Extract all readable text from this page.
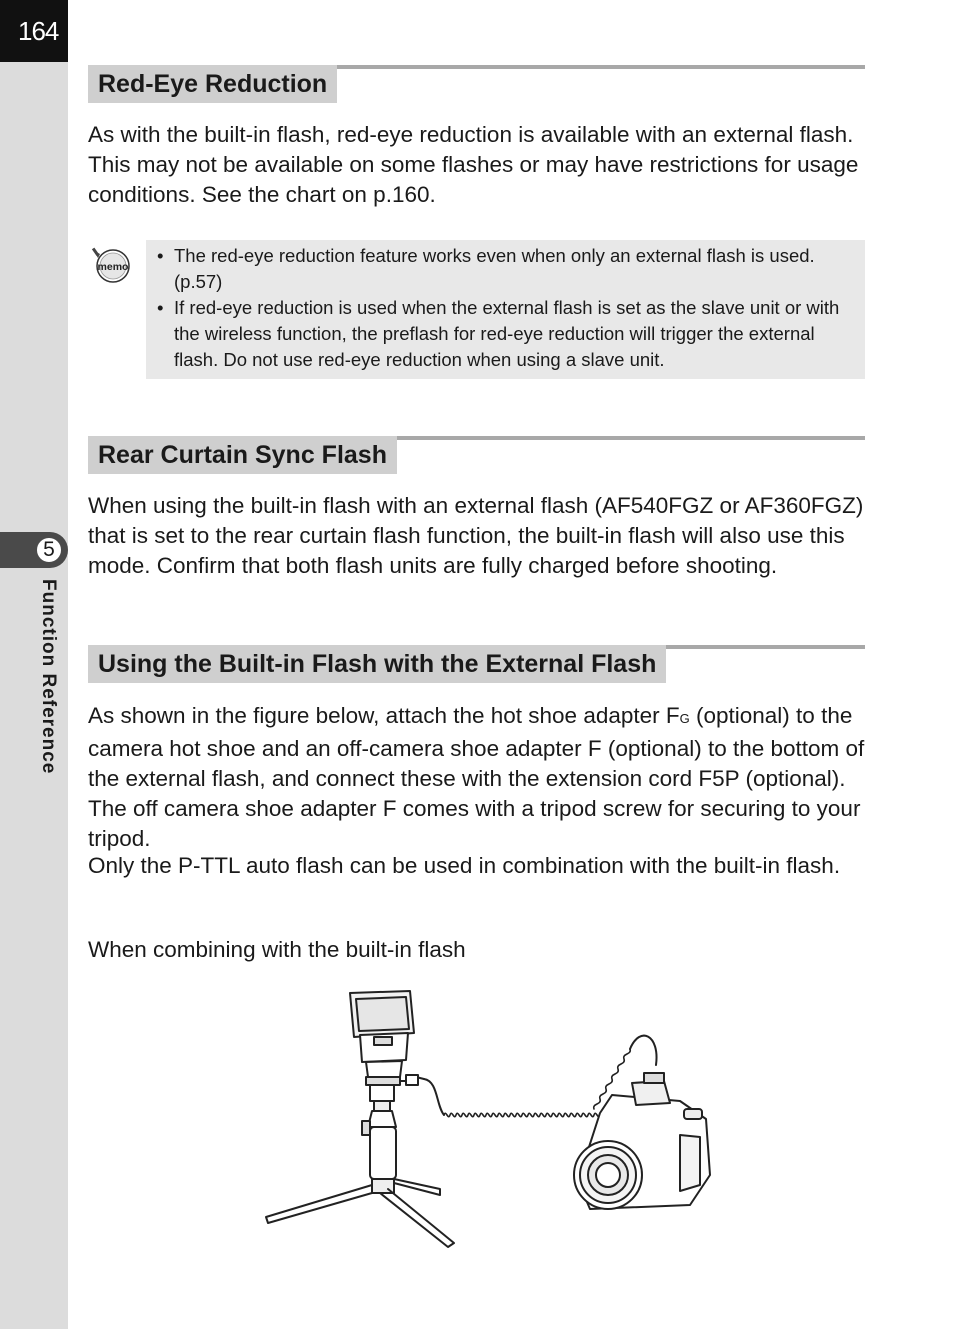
164
5
Function Reference
Red-Eye Reduction

As with the built-in flash, red-eye reduction is available with an external flash. This may not be available on some flashes or may have restrictions for usage conditions. See the chart on p.160.

memo
• The red-eye reduction feature works even when only an external flash is used. (p.57)
• If red-eye reduction is used when the external flash is set as the slave unit or with the wireless function, the preflash for red-eye reduction will trigger the external flash. Do not use red-eye reduction when using a slave unit.
Rear Curtain Sync Flash

When using the built-in flash with an external flash (AF540FGZ or AF360FGZ) that is set to the rear curtain flash function, the built-in flash will also use this mode. Confirm that both flash units are fully charged before shooting.

Using the Built-in Flash with the External Flash

As shown in the figure below, attach the hot shoe adapter FG (optional) to the camera hot shoe and an off-camera shoe adapter F (optional) to the bottom of the external flash, and connect these with the extension cord F5P (optional). The off camera shoe adapter F comes with a tripod screw for securing to your tripod.

Only the P-TTL auto flash can be used in combination with the built-in flash.

When combining with the built-in flash
